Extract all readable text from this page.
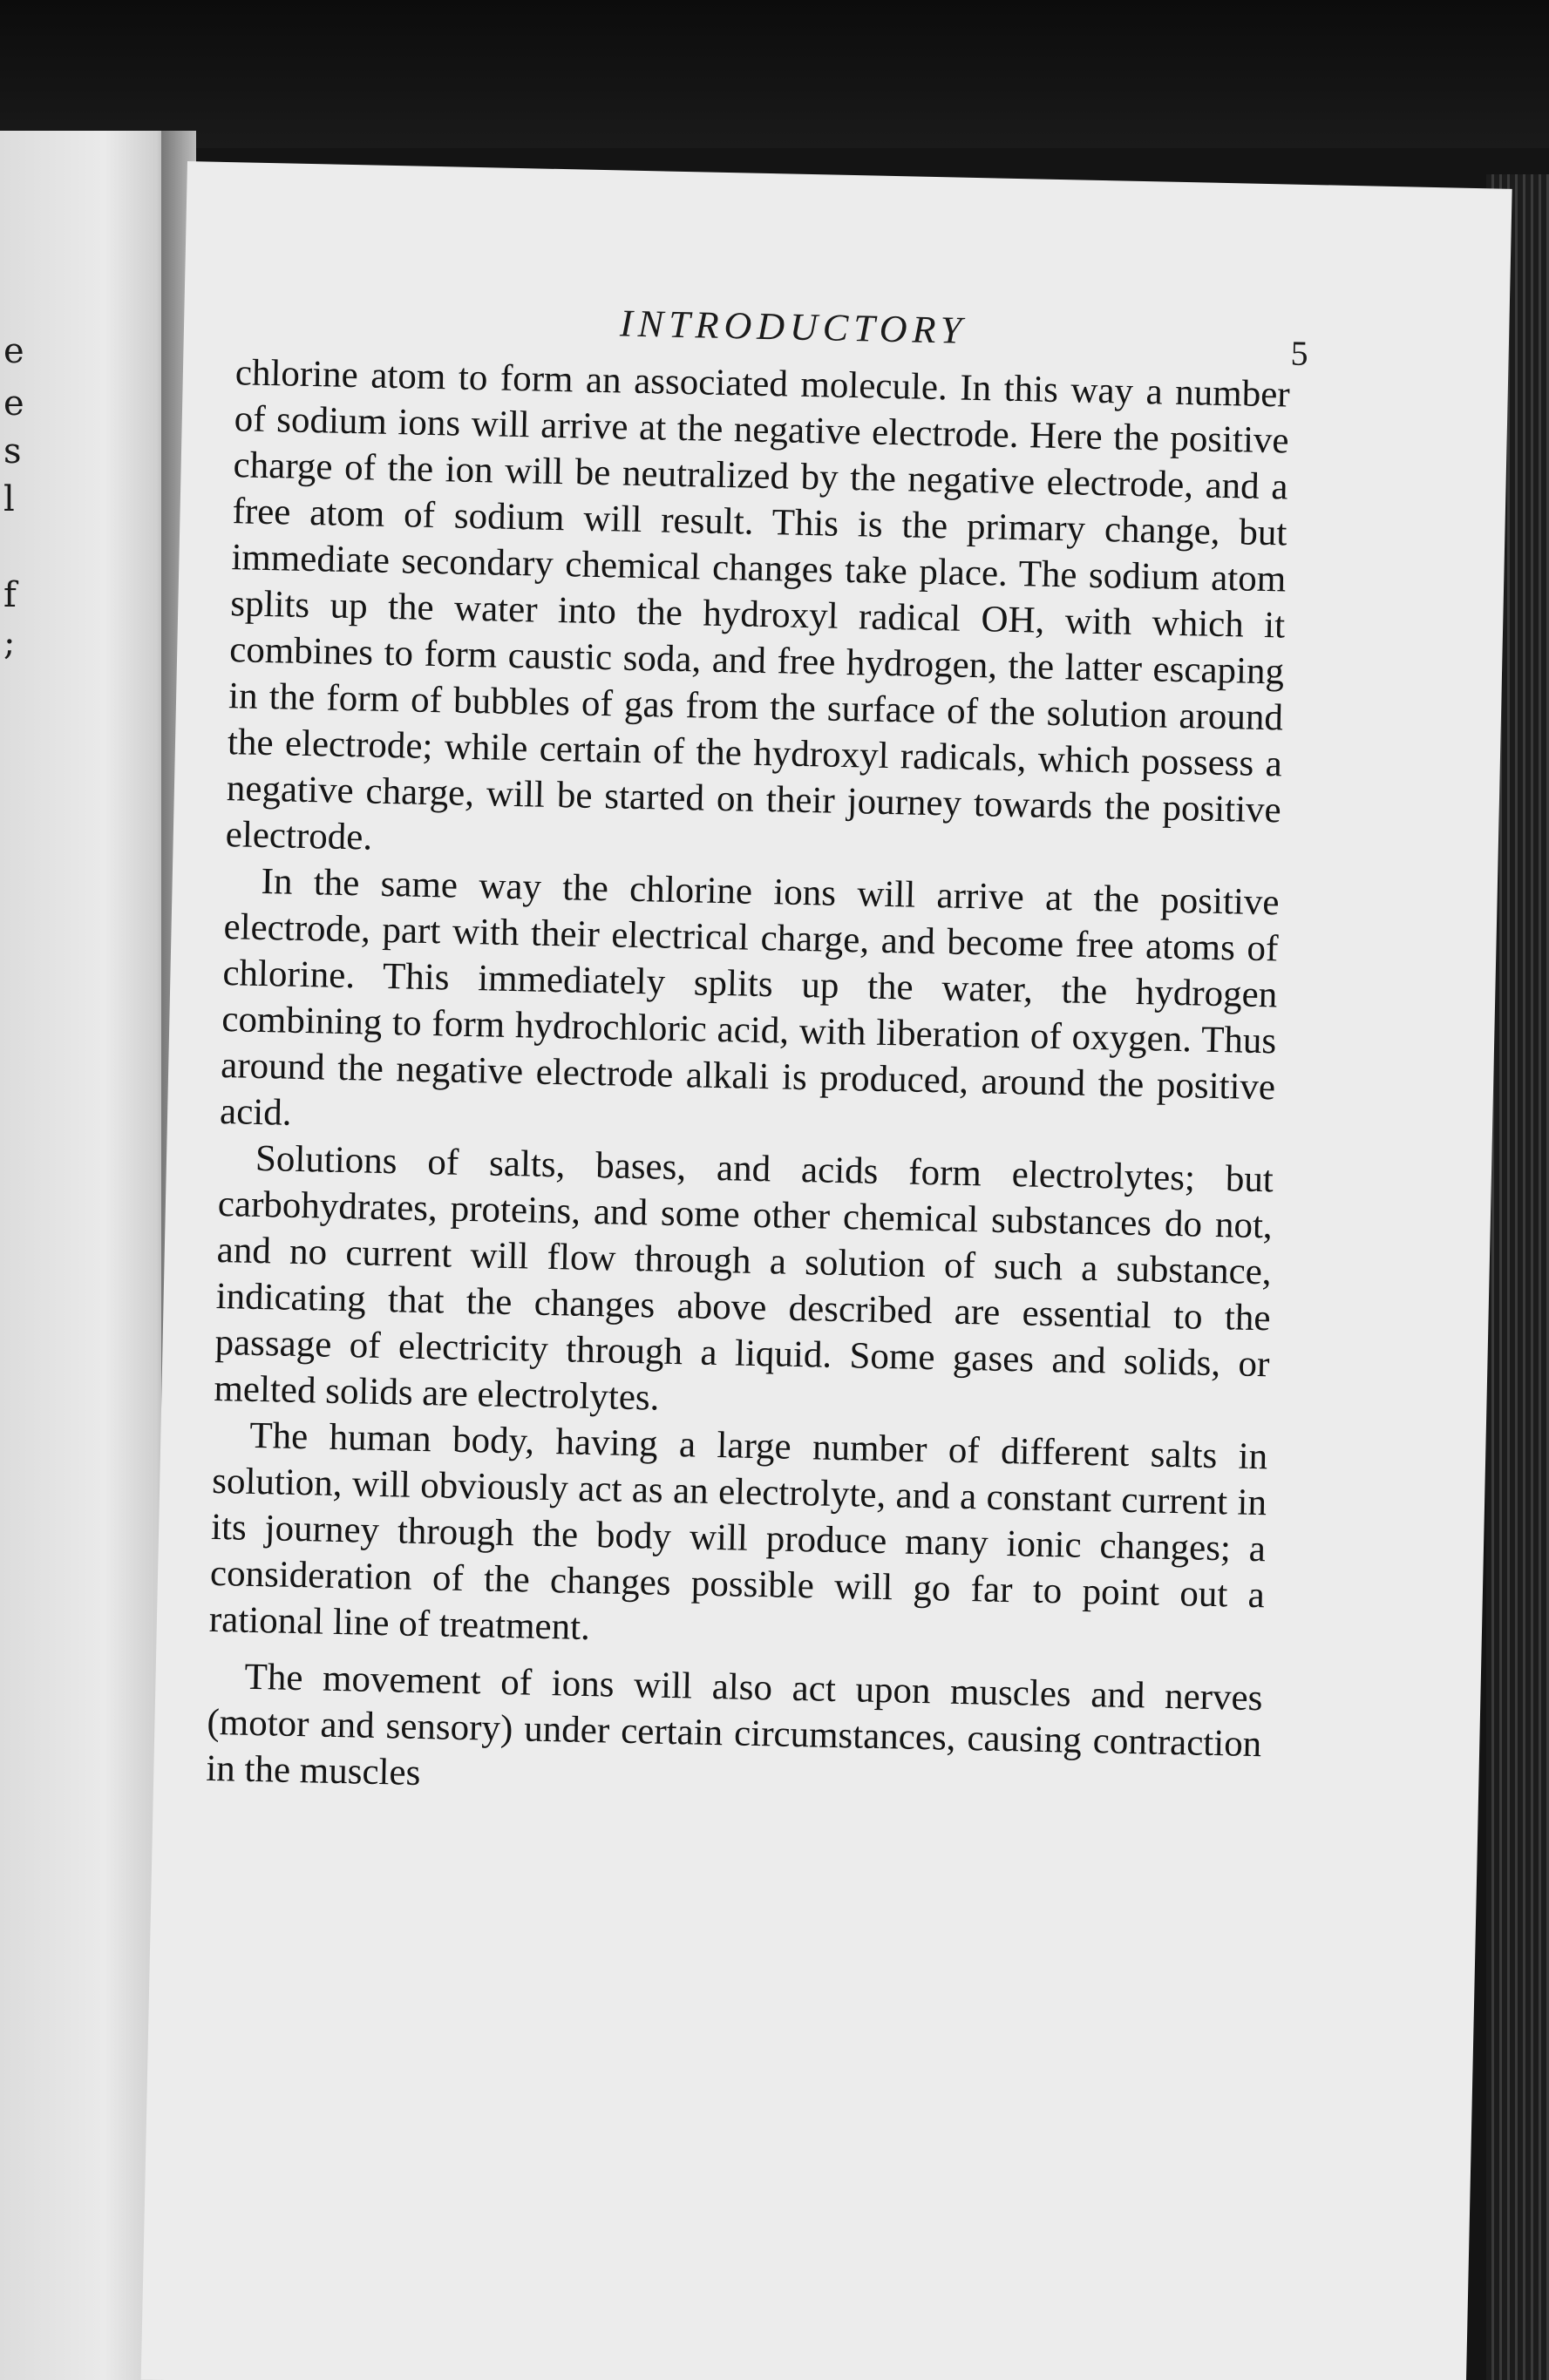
e
e
s
l
f
;
INTRODUCTORY
5

chlorine atom to form an associated molecule. In this way a number of sodium ions will arrive at the negative electrode. Here the positive charge of the ion will be neutralized by the negative electrode, and a free atom of sodium will result. This is the primary change, but immediate secondary chemical changes take place. The sodium atom splits up the water into the hydroxyl radical OH, with which it combines to form caustic soda, and free hydrogen, the latter escaping in the form of bubbles of gas from the surface of the solution around the electrode; while certain of the hydroxyl radicals, which possess a negative charge, will be started on their journey towards the positive electrode.

In the same way the chlorine ions will arrive at the positive electrode, part with their electrical charge, and become free atoms of chlorine. This immediately splits up the water, the hydrogen combining to form hydrochloric acid, with liberation of oxygen. Thus around the negative electrode alkali is produced, around the positive acid.

Solutions of salts, bases, and acids form electrolytes; but carbohydrates, proteins, and some other chemical substances do not, and no current will flow through a solution of such a substance, indicating that the changes above described are essential to the passage of electricity through a liquid. Some gases and solids, or melted solids are electrolytes.

The human body, having a large number of different salts in solution, will obviously act as an electrolyte, and a constant current in its journey through the body will produce many ionic changes; a consideration of the changes possible will go far to point out a rational line of treatment.

The movement of ions will also act upon muscles and nerves (motor and sensory) under certain circumstances, causing contraction in the muscles
